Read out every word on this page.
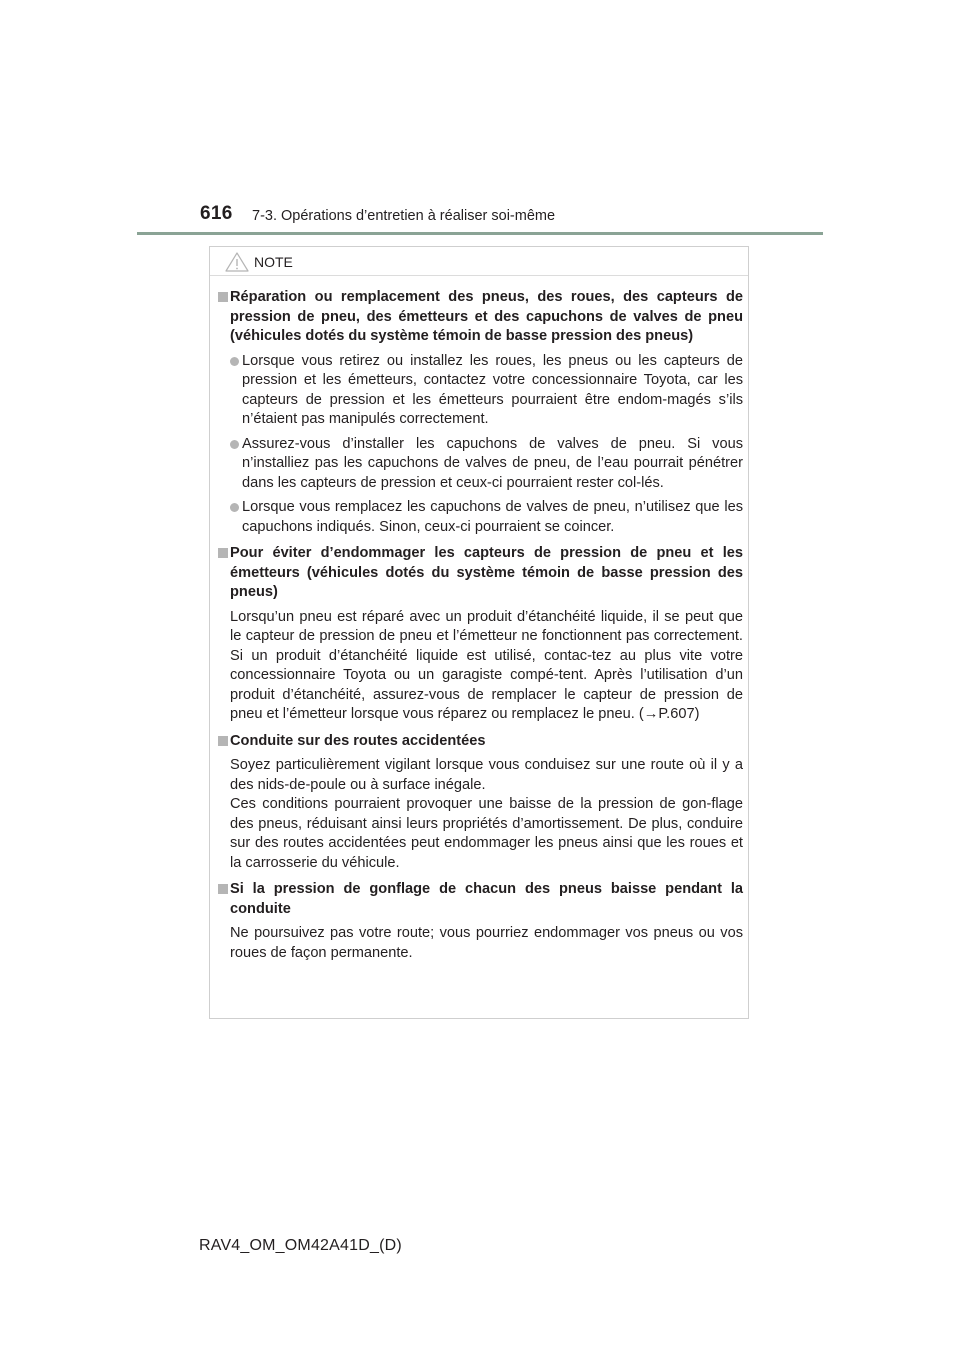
616 7-3. Opérations d’entretien à réaliser soi-même
NOTE

Réparation ou remplacement des pneus, des roues, des capteurs de pression de pneu, des émetteurs et des capuchons de valves de pneu (véhicules dotés du système témoin de basse pression des pneus)

Lorsque vous retirez ou installez les roues, les pneus ou les capteurs de pression et les émetteurs, contactez votre concessionnaire Toyota, car les capteurs de pression et les émetteurs pourraient être endom-magés s’ils n’étaient pas manipulés correctement.

Assurez-vous d’installer les capuchons de valves de pneu. Si vous n’installiez pas les capuchons de valves de pneu, de l’eau pourrait pénétrer dans les capteurs de pression et ceux-ci pourraient rester col-lés.

Lorsque vous remplacez les capuchons de valves de pneu, n’utilisez que les capuchons indiqués. Sinon, ceux-ci pourraient se coincer.

Pour éviter d’endommager les capteurs de pression de pneu et les émetteurs (véhicules dotés du système témoin de basse pression des pneus)

Lorsqu’un pneu est réparé avec un produit d’étanchéité liquide, il se peut que le capteur de pression de pneu et l’émetteur ne fonctionnent pas correctement. Si un produit d’étanchéité liquide est utilisé, contac-tez au plus vite votre concessionnaire Toyota ou un garagiste compé-tent. Après l’utilisation d’un produit d’étanchéité, assurez-vous de remplacer le capteur de pression de pneu et l’émetteur lorsque vous réparez ou remplacez le pneu. (→P.607)

Conduite sur des routes accidentées

Soyez particulièrement vigilant lorsque vous conduisez sur une route où il y a des nids-de-poule ou à surface inégale.

Ces conditions pourraient provoquer une baisse de la pression de gon-flage des pneus, réduisant ainsi leurs propriétés d’amortissement. De plus, conduire sur des routes accidentées peut endommager les pneus ainsi que les roues et la carrosserie du véhicule.

Si la pression de gonflage de chacun des pneus baisse pendant la conduite

Ne poursuivez pas votre route; vous pourriez endommager vos pneus ou vos roues de façon permanente.

RAV4_OM_OM42A41D_(D)
